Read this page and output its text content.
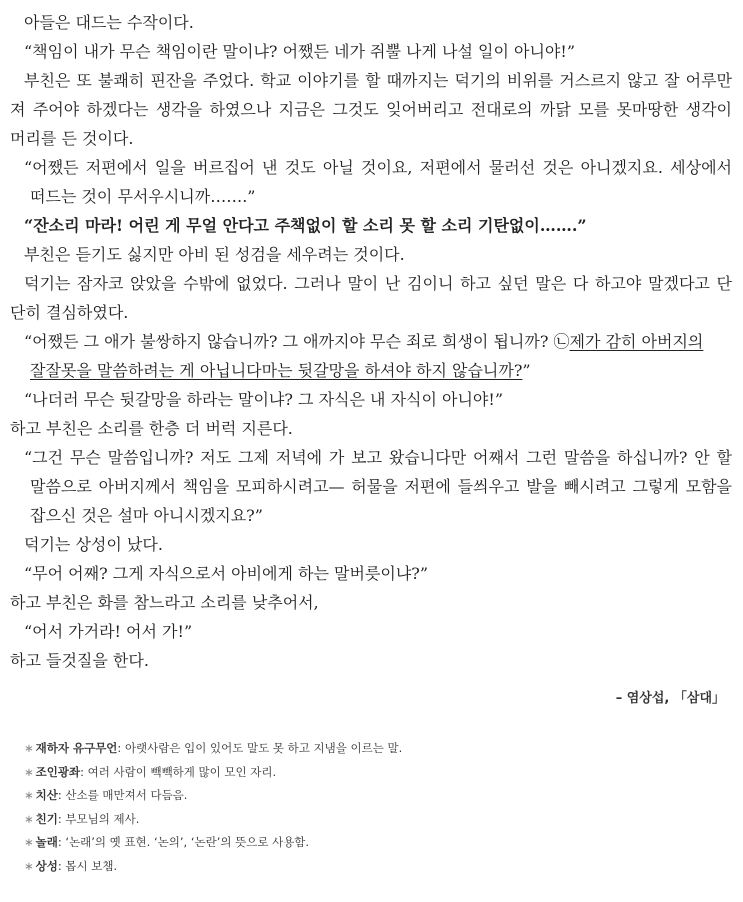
아들은 대드는 수작이다.
“책임이 내가 무슨 책임이란 말이냐? 어쨌든 네가 쥐뿔 나게 나설 일이 아니야!”
부친은 또 불쾌히 핀잔을 주었다. 학교 이야기를 할 때까지는 덕기의 비위를 거스르지 않고 잘 어루만
져 주어야 하겠다는 생각을 하였으나 지금은 그것도 잊어버리고 전대로의 까닭 모를 못마땅한 생각이
머리를 든 것이다.
“어쨌든 저편에서 일을 버르집어 낸 것도 아닐 것이요, 저편에서 물러선 것은 아니겠지요. 세상에서
떠드는 것이 무서우시니까…….”
“잔소리 마라! 어린 게 무얼 안다고 주책없이 할 소리 못 할 소리 기탄없이…….”
부친은 듣기도 싫지만 아비 된 성검을 세우려는 것이다.
덕기는 잠자코 앉았을 수밖에 없었다. 그러나 말이 난 김이니 하고 싶던 말은 다 하고야 말겠다고 단
단히 결심하였다.
“어쨌든 그 애가 불쌍하지 않습니까? 그 애까지야 무슨 죄로 희생이 됩니까? ㉡제가 감히 아버지의
잘잘못을 말씀하려는 게 아닙니다마는 뒷갈망을 하셔야 하지 않습니까?”
“나더러 무슨 뒷갈망을 하라는 말이냐? 그 자식은 내 자식이 아니야!”
하고 부친은 소리를 한층 더 버럭 지른다.
“그건 무슨 말씀입니까? 저도 그제 저녁에 가 보고 왔습니다만 어째서 그런 말씀을 하십니까? 안 할
말씀으로 아버지께서 책임을 모피하시려고— 허물을 저편에 들씌우고 발을 빼시려고 그렇게 모함을
잡으신 것은 설마 아니시겠지요?”
덕기는 상성이 났다.
“무어 어째? 그게 자식으로서 아비에게 하는 말버릇이냐?”
하고 부친은 화를 참느라고 소리를 낮추어서,
“어서 가거라! 어서 가!”
하고 들것질을 한다.
– 염상섭, 「삼대」
∗ 재하자 유구무언: 아랫사람은 입이 있어도 말도 못 하고 지냄을 이르는 말.
∗ 조인광좌: 여러 사람이 빽빽하게 많이 모인 자리.
∗ 치산: 산소를 매만져서 다듬음.
∗ 친기: 부모님의 제사.
∗ 놀래: ‘논래’의 옛 표현. ‘논의’, ‘논란’의 뜻으로 사용함.
∗ 상성: 몹시 보챔.
